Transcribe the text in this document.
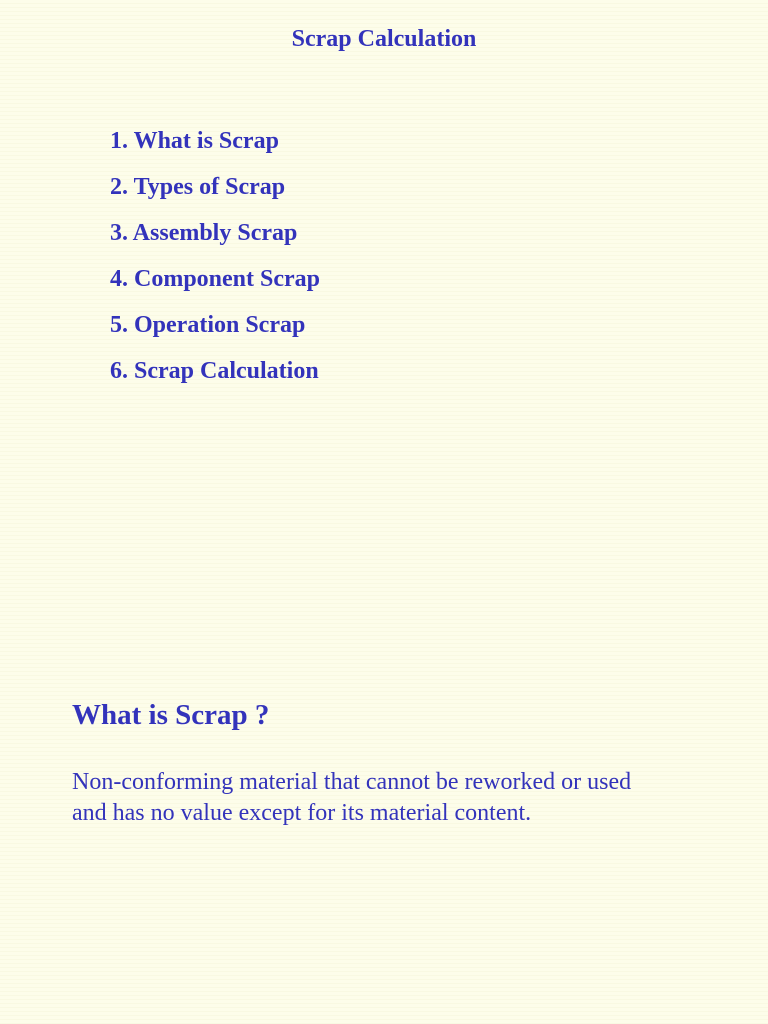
Scrap Calculation
1. What is Scrap
2. Types of Scrap
3. Assembly Scrap
4. Component Scrap
5. Operation Scrap
6. Scrap Calculation
What is Scrap ?

Non-conforming material that cannot be reworked or used
and has no value except for its material content.
